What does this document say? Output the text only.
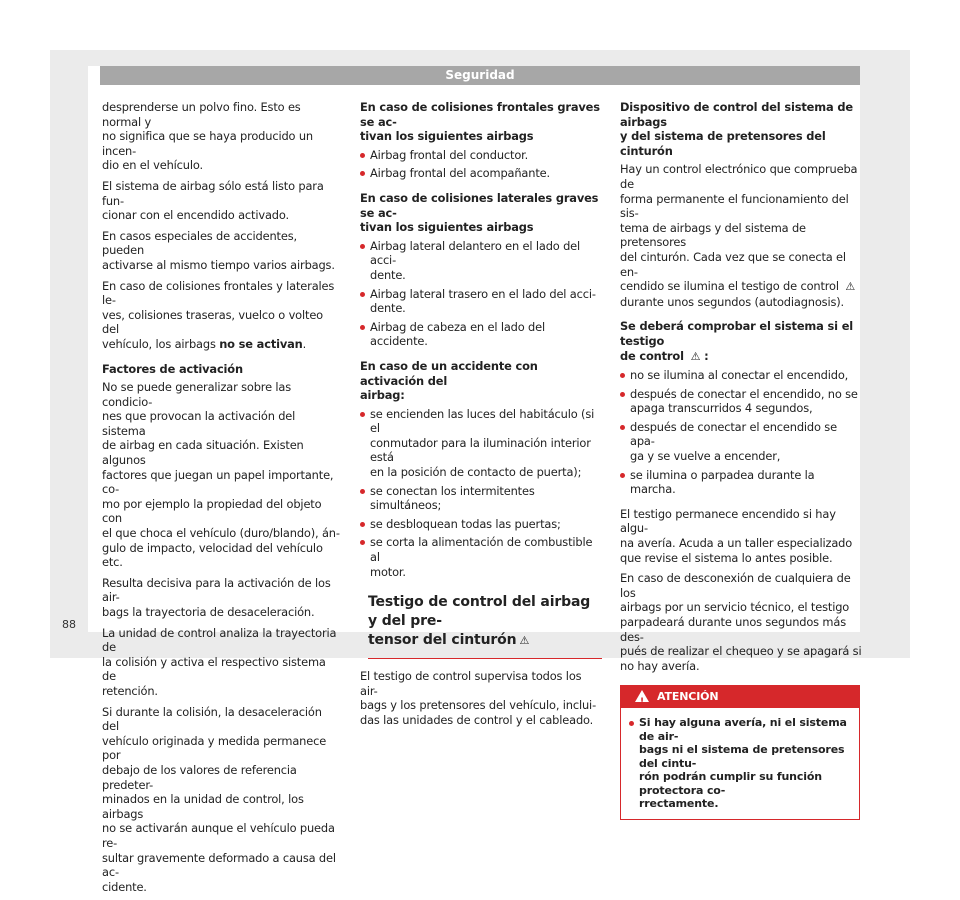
Seguridad

desprenderse un polvo fino. Esto es normal y
no significa que se haya producido un incen-
dio en el vehículo.

El sistema de airbag sólo está listo para fun-
cionar con el encendido activado.

En casos especiales de accidentes, pueden
activarse al mismo tiempo varios airbags.

En caso de colisiones frontales y laterales le-
ves, colisiones traseras, vuelco o volteo del
vehículo, los airbags no se activan.

Factores de activación

No se puede generalizar sobre las condicio-
nes que provocan la activación del sistema
de airbag en cada situación. Existen algunos
factores que juegan un papel importante, co-
mo por ejemplo la propiedad del objeto con
el que choca el vehículo (duro/blando), án-
gulo de impacto, velocidad del vehículo etc.

Resulta decisiva para la activación de los air-
bags la trayectoria de desaceleración.

La unidad de control analiza la trayectoria de
la colisión y activa el respectivo sistema de
retención.

Si durante la colisión, la desaceleración del
vehículo originada y medida permanece por
debajo de los valores de referencia predeter-
minados en la unidad de control, los airbags
no se activarán aunque el vehículo pueda re-
sultar gravemente deformado a causa del ac-
cidente.

En caso de colisiones frontales graves se ac-
tivan los siguientes airbags

Airbag frontal del conductor.
Airbag frontal del acompañante.

En caso de colisiones laterales graves se ac-
tivan los siguientes airbags

Airbag lateral delantero en el lado del acci-
dente.
Airbag lateral trasero en el lado del acci-
dente.
Airbag de cabeza en el lado del accidente.

En caso de un accidente con activación del
airbag:

se encienden las luces del habitáculo (si el
conmutador para la iluminación interior está
en la posición de contacto de puerta);
se conectan los intermitentes simultáneos;
se desbloquean todas las puertas;
se corta la alimentación de combustible al
motor.
Testigo de control del airbag y del pre-
tensor del cinturón ⚠

El testigo de control supervisa todos los air-
bags y los pretensores del vehículo, inclui-
das las unidades de control y el cableado.

Dispositivo de control del sistema de airbags
y del sistema de pretensores del cinturón

Hay un control electrónico que comprueba de
forma permanente el funcionamiento del sis-
tema de airbags y del sistema de pretensores
del cinturón. Cada vez que se conecta el en-
cendido se ilumina el testigo de control ⚠
durante unos segundos (autodiagnosis).

Se deberá comprobar el sistema si el testigo
de control ⚠ :

no se ilumina al conectar el encendido,
después de conectar el encendido, no se
apaga transcurridos 4 segundos,
después de conectar el encendido se apa-
ga y se vuelve a encender,
se ilumina o parpadea durante la marcha.

El testigo permanece encendido si hay algu-
na avería. Acuda a un taller especializado
que revise el sistema lo antes posible.

En caso de desconexión de cualquiera de los
airbags por un servicio técnico, el testigo
parpadeará durante unos segundos más des-
pués de realizar el chequeo y se apagará si
no hay avería.

!
ATENCIÓN
Si hay alguna avería, ni el sistema de air-
bags ni el sistema de pretensores del cintu-
rón podrán cumplir su función protectora co-
rrectamente.
88
